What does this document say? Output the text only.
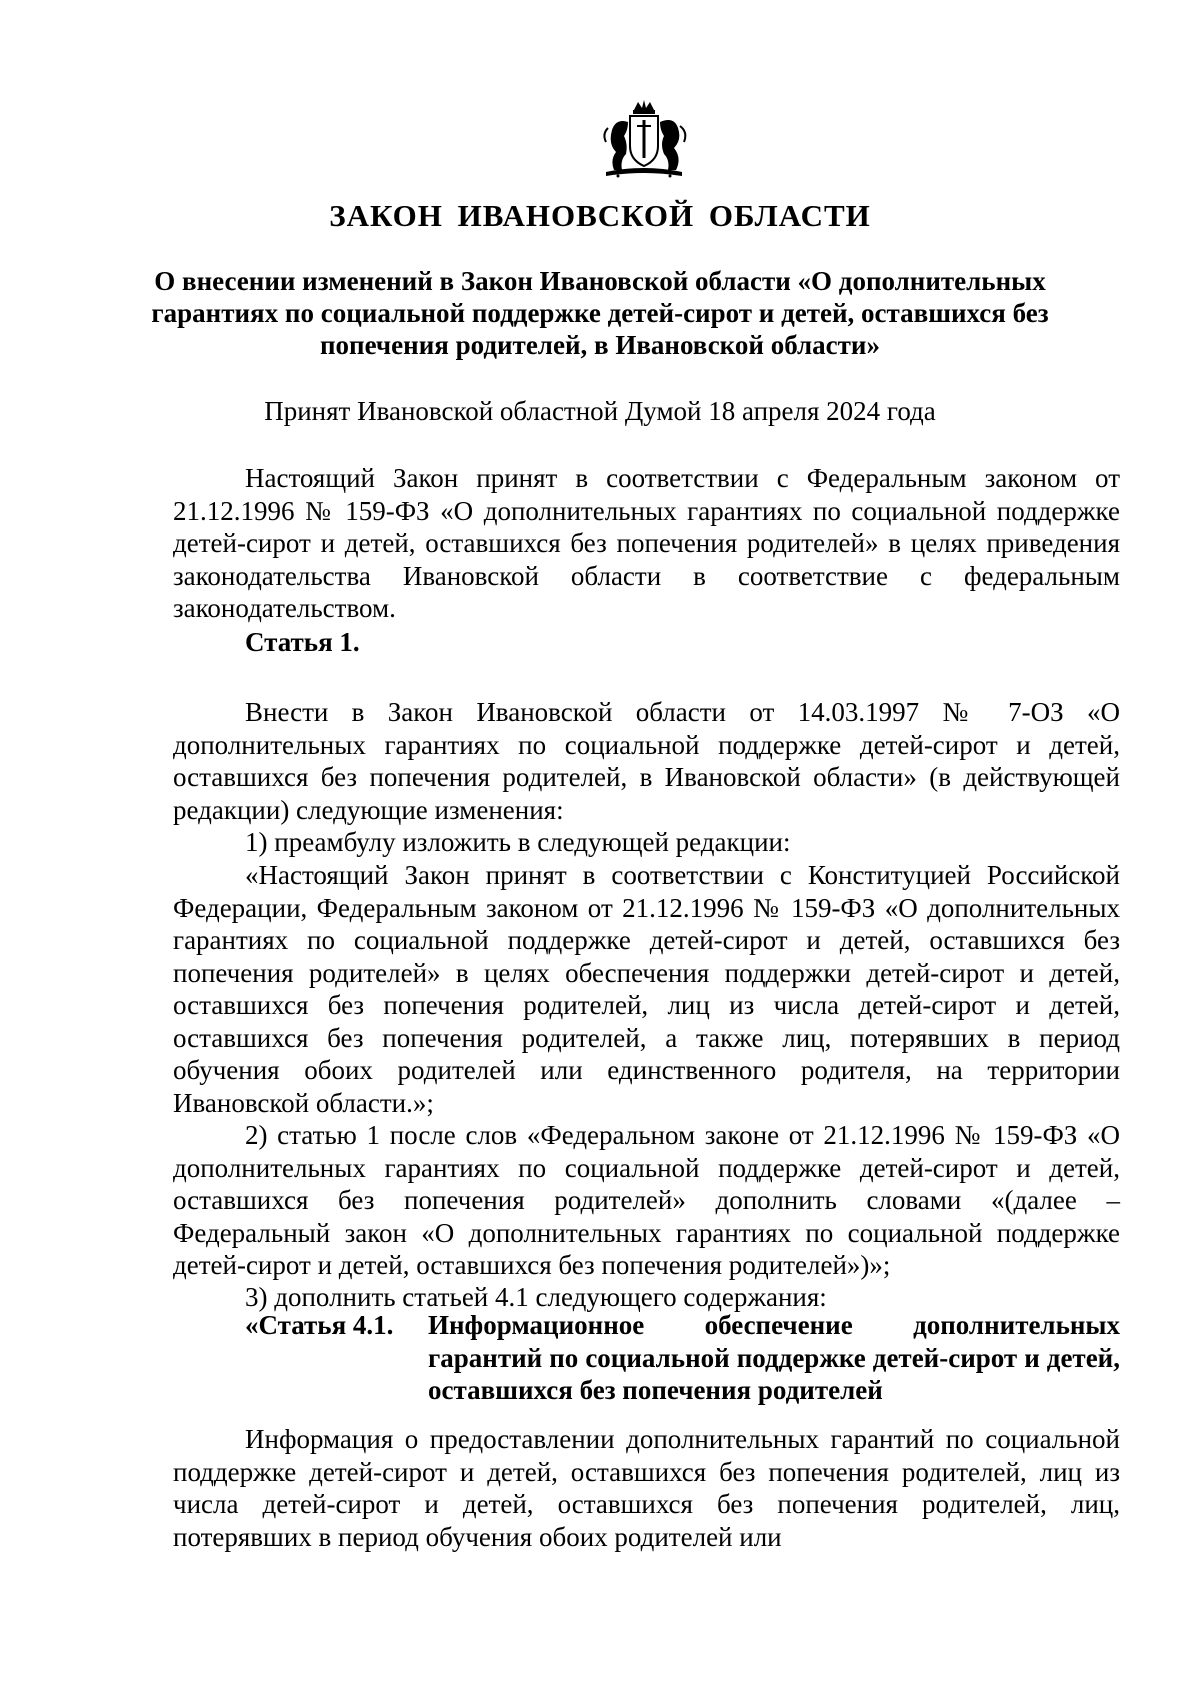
ЗАКОН ИВАНОВСКОЙ ОБЛАСТИ
О внесении изменений в Закон Ивановской области «О дополнительных гарантиях по социальной поддержке детей-сирот и детей, оставшихся без попечения родителей, в Ивановской области»
Принят Ивановской областной Думой 18 апреля 2024 года

Настоящий Закон принят в соответствии с Федеральным законом от 21.12.1996 № 159-ФЗ «О дополнительных гарантиях по социальной поддержке детей-сирот и детей, оставшихся без попечения родителей» в целях приведения законодательства Ивановской области в соответствие с федеральным законодательством.

Статья 1.

Внести в Закон Ивановской области от 14.03.1997 № 7-ОЗ «О дополнительных гарантиях по социальной поддержке детей-сирот и детей, оставшихся без попечения родителей, в Ивановской области» (в действующей редакции) следующие изменения:

1) преамбулу изложить в следующей редакции:

«Настоящий Закон принят в соответствии с Конституцией Российской Федерации, Федеральным законом от 21.12.1996 № 159-ФЗ «О дополнительных гарантиях по социальной поддержке детей-сирот и детей, оставшихся без попечения родителей» в целях обеспечения поддержки детей-сирот и детей, оставшихся без попечения родителей, лиц из числа детей-сирот и детей, оставшихся без попечения родителей, а также лиц, потерявших в период обучения обоих родителей или единственного родителя, на территории Ивановской области.»;

2) статью 1 после слов «Федеральном законе от 21.12.1996 № 159-ФЗ «О дополнительных гарантиях по социальной поддержке детей-сирот и детей, оставшихся без попечения родителей» дополнить словами «(далее – Федеральный закон «О дополнительных гарантиях по социальной поддержке детей-сирот и детей, оставшихся без попечения родителей»)»;

3) дополнить статьей 4.1 следующего содержания:

«Статья 4.1. Информационное обеспечение дополнительных гарантий по социальной поддержке детей-сирот и детей, оставшихся без попечения родителей

Информация о предоставлении дополнительных гарантий по социальной поддержке детей-сирот и детей, оставшихся без попечения родителей, лиц из числа детей-сирот и детей, оставшихся без попечения родителей, лиц, потерявших в период обучения обоих родителей или
